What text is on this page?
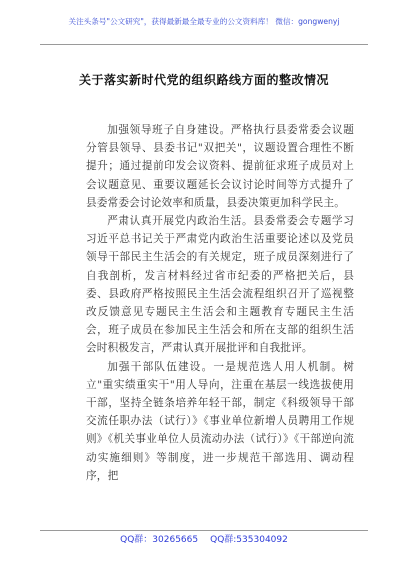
关注头条号"公文研究"，获得最新最全最专业的公文资料库！ 微信：gongwenyj
关于落实新时代党的组织路线方面的整改情况

加强领导班子自身建设。严格执行县委常委会议题分管县领导、县委书记"双把关"，议题设置合理性不断提升；通过提前印发会议资料、提前征求班子成员对上会议题意见、重要议题延长会议讨论时间等方式提升了县委常委会讨论效率和质量，县委决策更加科学民主。

严肃认真开展党内政治生活。县委常委会专题学习习近平总书记关于严肃党内政治生活重要论述以及党员领导干部民主生活会的有关规定，班子成员深刻进行了自我剖析，发言材料经过省市纪委的严格把关后，县委、县政府严格按照民主生活会流程组织召开了巡视整改反馈意见专题民主生活会和主题教育专题民主生活会，班子成员在参加民主生活会和所在支部的组织生活会时积极发言，严肃认真开展批评和自我批评。

加强干部队伍建设。一是规范选人用人机制。树立"重实绩重实干"用人导向，注重在基层一线选拔使用干部，坚持全链条培养年轻干部，制定《科级领导干部交流任职办法（试行）》《事业单位新增人员聘用工作规则》《机关事业单位人员流动办法（试行）》《干部逆向流动实施细则》等制度，进一步规范干部选用、调动程序，把

QQ群：30265665 QQ群:535304092
